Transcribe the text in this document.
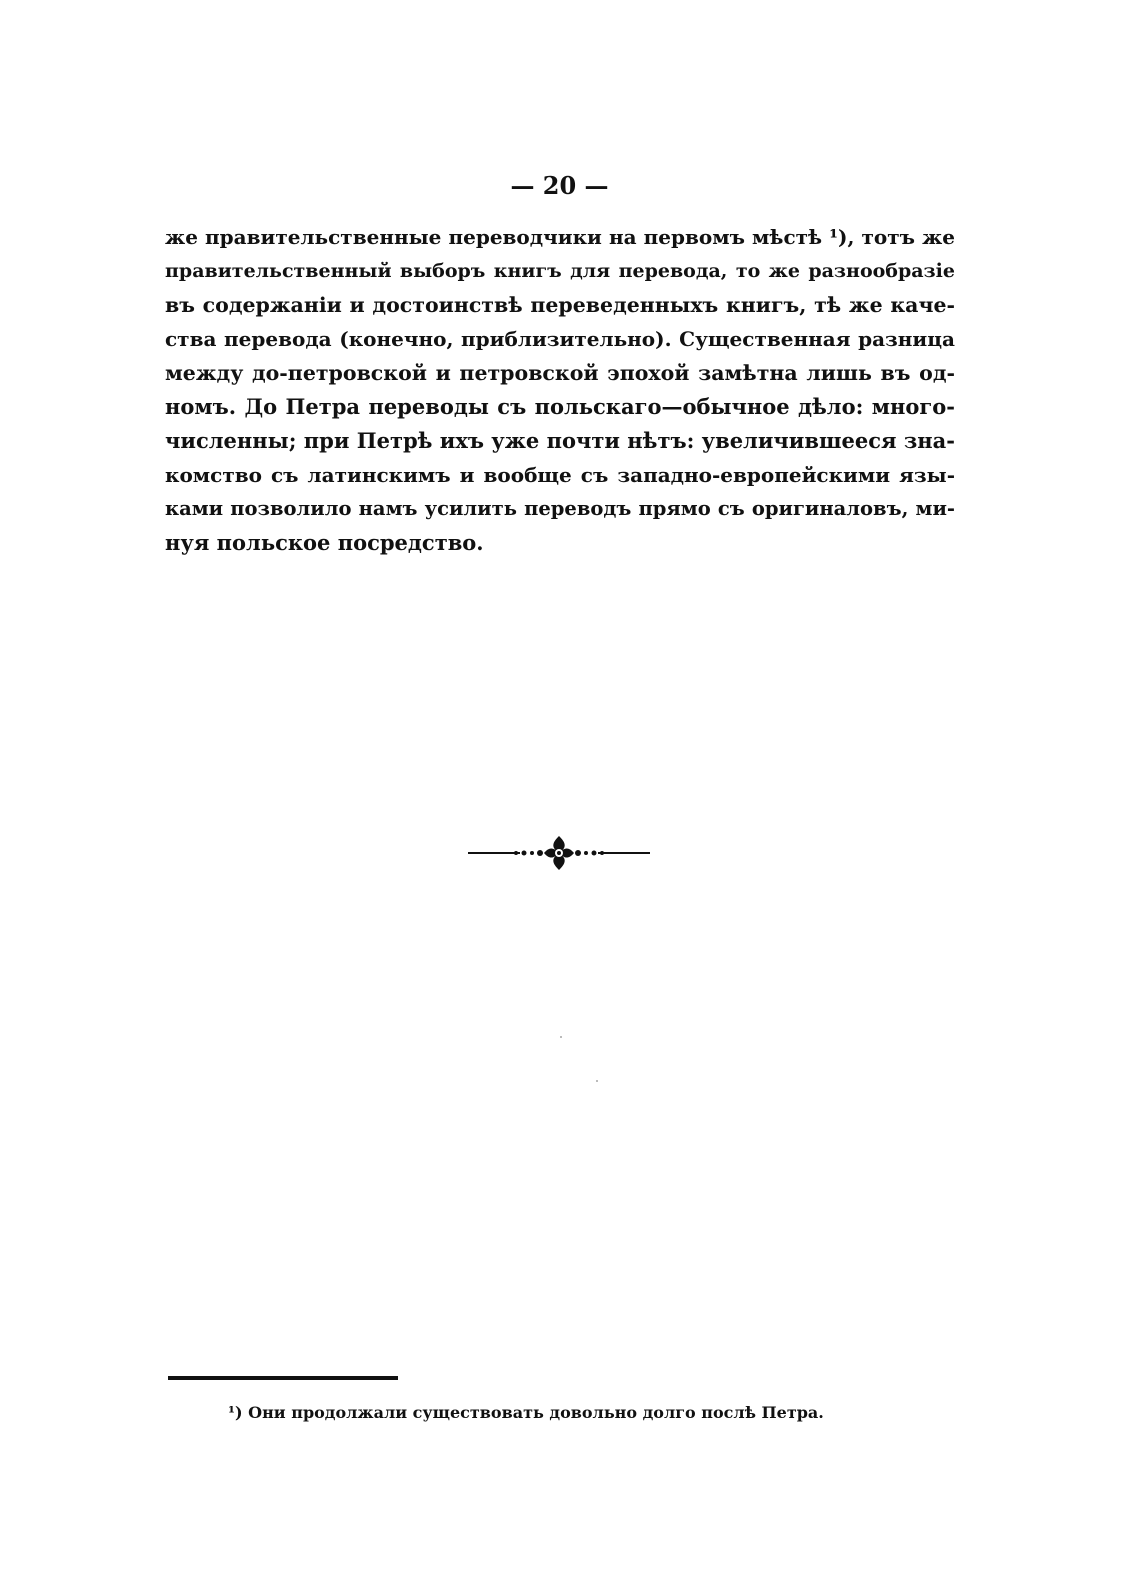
— 20 —
же правительственные переводчики на первомъ мѣстѣ ¹), тотъ же
правительственный выборъ книгъ для перевода, то же разнообразіе
въ содержаніи и достоинствѣ переведенныхъ книгъ, тѣ же каче-
ства перевода (конечно, приблизительно). Существенная разница
между до-петровской и петровской эпохой замѣтна лишь въ од-
номъ. До Петра переводы съ польскаго—обычное дѣло: много-
численны; при Петрѣ ихъ уже почти нѣтъ: увеличившееся зна-
комство съ латинскимъ и вообще съ западно-европейскими язы-
ками позволило намъ усилить переводъ прямо съ оригиналовъ, ми-
нуя польское посредство.
¹) Они продолжали существовать довольно долго послѣ Петра.
